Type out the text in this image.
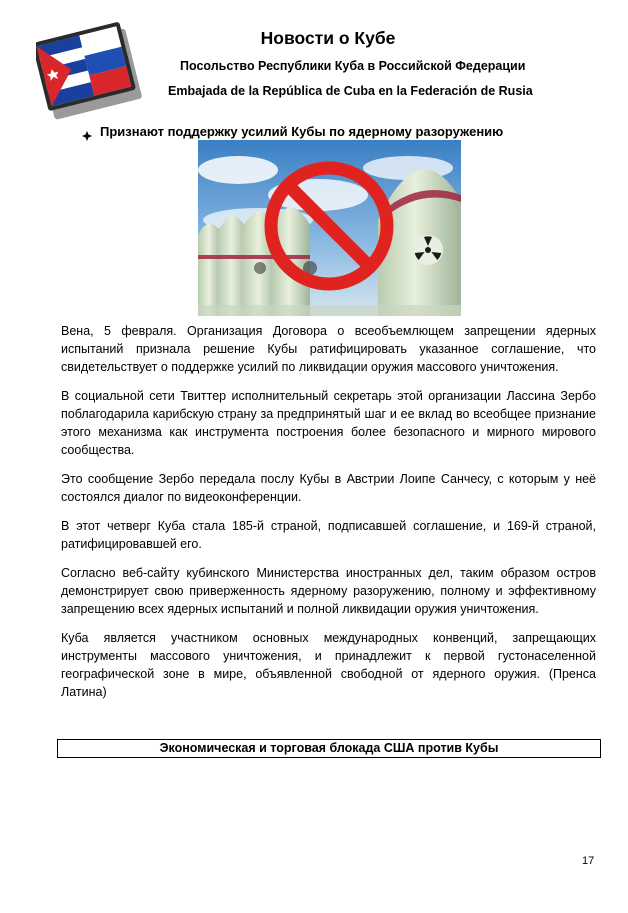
Новости о Кубе
Посольство Республики Куба в Российской Федерации
Embajada de la República de Cuba en la Federación de Rusia
Признают поддержку усилий Кубы по ядерному разоружению

Вена, 5 февраля. Организация Договора о всеобъемлющем запрещении ядерных испытаний признала решение Кубы ратифицировать указанное соглашение, что свидетельствует о поддержке усилий по ликвидации оружия массового уничтожения.

В социальной сети Твиттер исполнительный секретарь этой организации Лассина Зербо поблагодарила карибскую страну за предпринятый шаг и ее вклад во всеобщее признание этого механизма как инструмента построения более безопасного и мирного мирового сообщества.

Это сообщение Зербо передала послу Кубы в Австрии Лоипе Санчесу, с которым у неё состоялся диалог по видеоконференции.

В этот четверг Куба стала 185-й страной, подписавшей соглашение, и 169-й страной, ратифицировавшей его.

Согласно веб-сайту кубинского Министерства иностранных дел, таким образом остров демонстрирует свою приверженность ядерному разоружению, полному и эффективному запрещению всех ядерных испытаний и полной ликвидации оружия уничтожения.

Куба является участником основных международных конвенций, запрещающих инструменты массового уничтожения, и принадлежит к первой густонаселенной географической зоне в мире, объявленной свободной от ядерного оружия. (Пренса Латина)

Экономическая и торговая блокада США против Кубы
17
